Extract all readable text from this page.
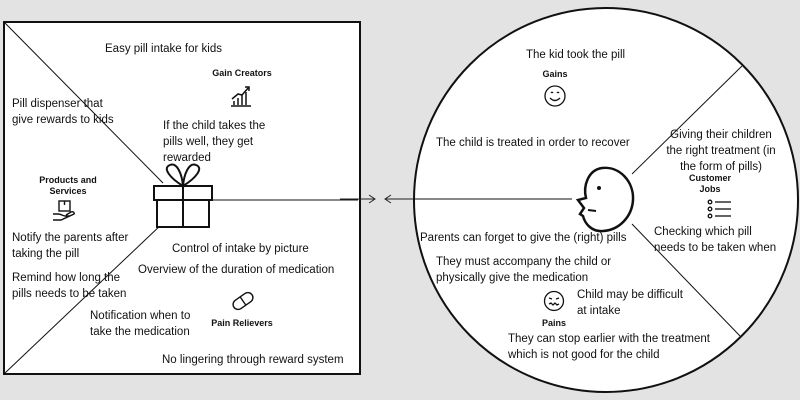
Easy pill intake for kids
Gain Creators
If the child takes the pills well, they get rewarded
Pill dispenser that give rewards to kids
Products and Services
Notify the parents after taking the pill
Remind how long the pills needs to be taken
Control of intake by picture
Overview of the duration of medication
Pain Relievers
Notification when to take the medication
No lingering through reward system
The kid took the pill
Gains
The child is treated in order to recover
Giving their children the right treatment (in the form of pills)
Customer Jobs
Checking which pill needs to be taken when
Parents can forget to give the (right) pills
They must accompany the child or physically give the medication
Pains
Child may be difficult at intake
They can stop earlier with the treatment which is not good for the child
